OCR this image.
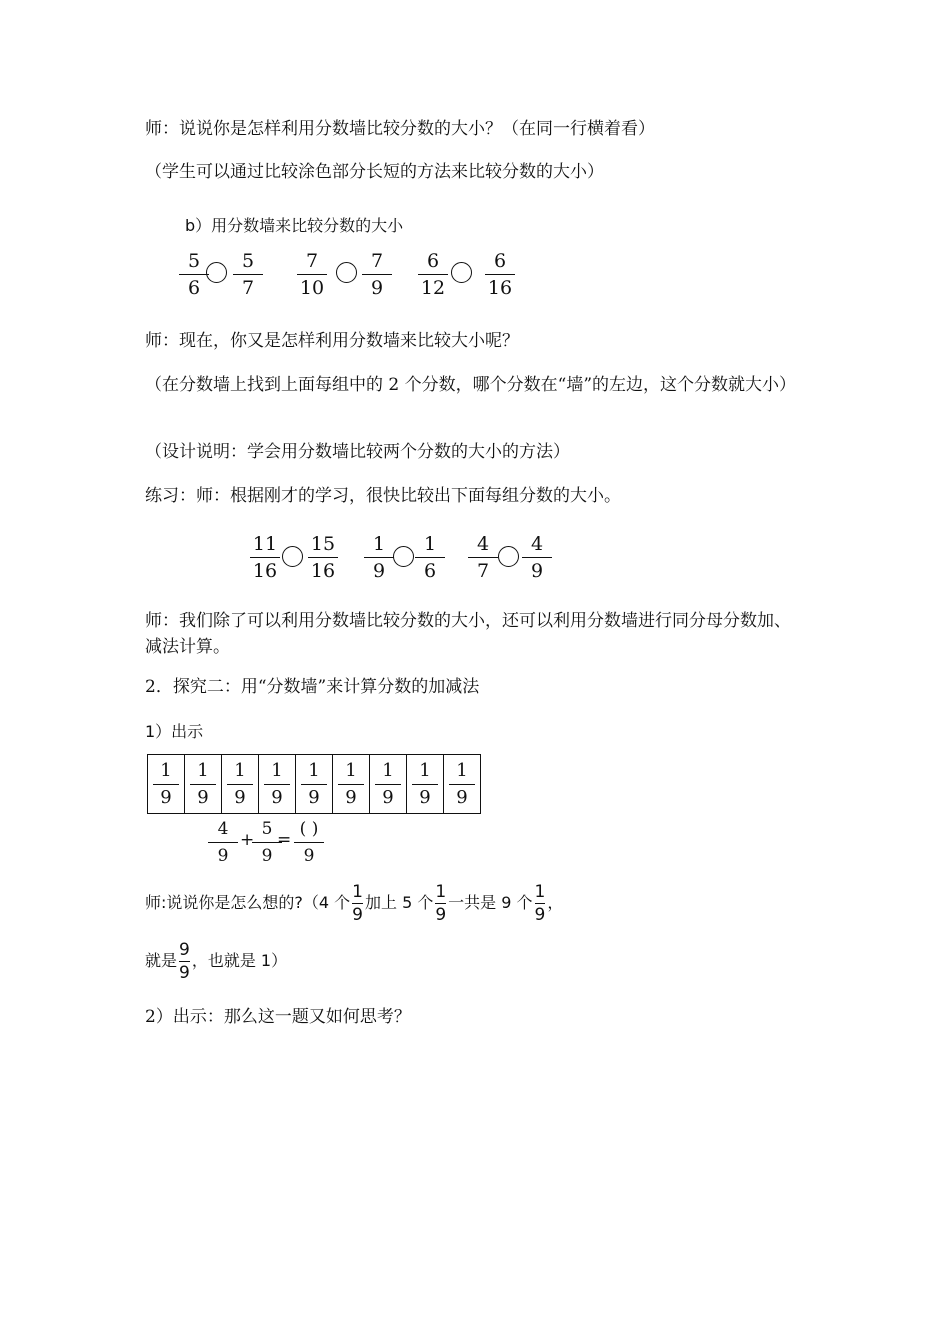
师：说说你是怎样利用分数墙比较分数的大小？（在同一行横着看）
（学生可以通过比较涂色部分长短的方法来比较分数的大小）
b）用分数墙来比较分数的大小
5
6
5
7
7
10
7
9
6
12
6
16
师：现在，你又是怎样利用分数墙来比较大小呢？
（在分数墙上找到上面每组中的 2 个分数，哪个分数在“墙”的左边，这个分数就大小）
（设计说明：学会用分数墙比较两个分数的大小的方法）
练习：师：根据刚才的学习，很快比较出下面每组分数的大小。
11
16
15
16
1
9
1
6
4
7
4
9
师：我们除了可以利用分数墙比较分数的大小，还可以利用分数墙进行同分母分数加、减法计算。
2．探究二：用“分数墙”来计算分数的加减法
1）出示
$\frac{1}{9}$	$\frac{1}{9}$	$\frac{1}{9}$	$\frac{1}{9}$	$\frac{1}{9}$	$\frac{1}{9}$	$\frac{1}{9}$	$\frac{1}{9}$	$\frac{1}{9}$
4
9
+
5
9
=
( )
9
师:说说你是怎么想的?（4 个 $\frac{1}{9}$ 加上 5 个 $\frac{1}{9}$ 一共是 9 个 $\frac{1}{9}$ ，
就是 $\frac{9}{9}$ ，也就是 1）
2）出示：那么这一题又如何思考？
